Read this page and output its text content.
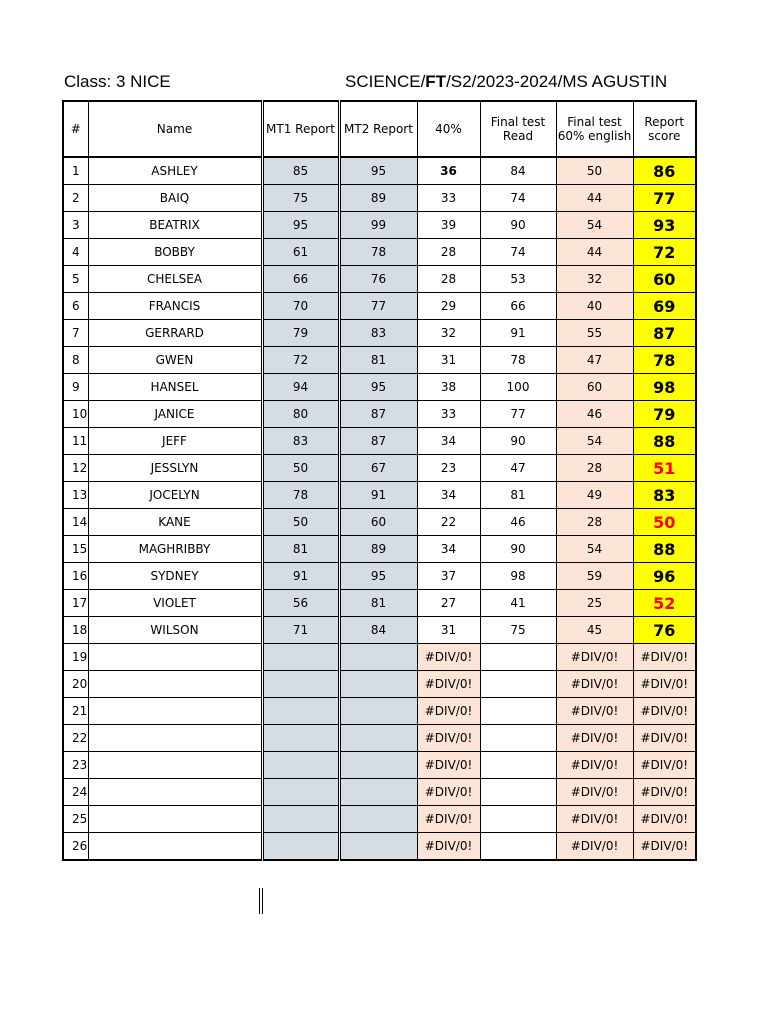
Class: 3 NICE	SCIENCE/FT/S2/2023-2024/MS AGUSTIN
#	Name	MT1 Report	MT2 Report	40%	Final test Read	Final test 60% english	Report score
1	ASHLEY	85	95	36	84	50	86
2	BAIQ	75	89	33	74	44	77
3	BEATRIX	95	99	39	90	54	93
4	BOBBY	61	78	28	74	44	72
5	CHELSEA	66	76	28	53	32	60
6	FRANCIS	70	77	29	66	40	69
7	GERRARD	79	83	32	91	55	87
8	GWEN	72	81	31	78	47	78
9	HANSEL	94	95	38	100	60	98
10	JANICE	80	87	33	77	46	79
11	JEFF	83	87	34	90	54	88
12	JESSLYN	50	67	23	47	28	51
13	JOCELYN	78	91	34	81	49	83
14	KANE	50	60	22	46	28	50
15	MAGHRIBBY	81	89	34	90	54	88
16	SYDNEY	91	95	37	98	59	96
17	VIOLET	56	81	27	41	25	52
18	WILSON	71	84	31	75	45	76
19				#DIV/0!		#DIV/0!	#DIV/0!
20				#DIV/0!		#DIV/0!	#DIV/0!
21				#DIV/0!		#DIV/0!	#DIV/0!
22				#DIV/0!		#DIV/0!	#DIV/0!
23				#DIV/0!		#DIV/0!	#DIV/0!
24				#DIV/0!		#DIV/0!	#DIV/0!
25				#DIV/0!		#DIV/0!	#DIV/0!
26				#DIV/0!		#DIV/0!	#DIV/0!
